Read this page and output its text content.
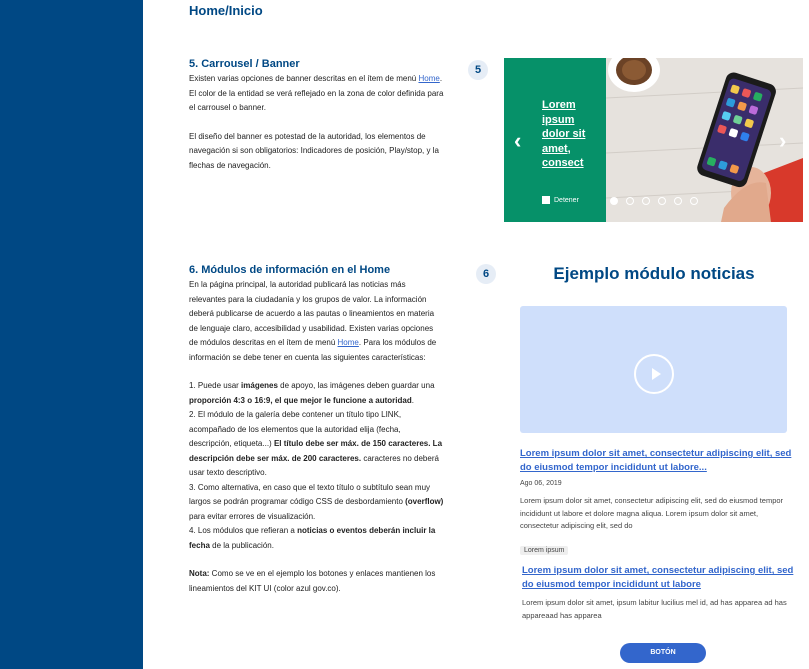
Home/Inicio
5. Carrousel / Banner

Existen varias opciones de banner descritas en el ítem de menú Home. El color de la entidad se verá reflejado en la zona de color definida para el carrousel o banner.

El diseño del banner es potestad de la autoridad, los elementos de navegación si son obligatorios: Indicadores de posición, Play/stop, y la flechas de navegación.

5
Lorem ipsum dolor sit amet, consect
‹	›
Detener
6. Módulos de información en el Home

En la página principal, la autoridad publicará las noticias más relevantes para la ciudadanía y los grupos de valor. La información deberá publicarse de acuerdo a las pautas o lineamientos en materia de lenguaje claro, accesibilidad y usabilidad. Existen varias opciones de módulos descritas en el ítem de menú Home. Para los módulos de información se debe tener en cuenta las siguientes características:

1. Puede usar imágenes de apoyo, las imágenes deben guardar una proporción 4:3 o 16:9, el que mejor le funcione a autoridad.
2. El módulo de la galería debe contener un título tipo LINK, acompañado de los elementos que la autoridad elija (fecha, descripción, etiqueta...) El título debe ser máx. de 150 caracteres. La descripción debe ser máx. de 200 caracteres. caracteres no deberá usar texto descriptivo.
3. Como alternativa, en caso que el texto título o subtítulo sean muy largos se podrán programar código CSS de desbordamiento (overflow) para evitar errores de visualización.
4. Los módulos que refieran a noticias o eventos deberán incluir la fecha de la publicación.

Nota: Como se ve en el ejemplo los botones y enlaces mantienen los lineamientos del KIT UI (color azul gov.co).

6	Ejemplo módulo noticias
Lorem ipsum dolor sit amet, consectetur adipiscing elit, sed do eiusmod tempor incididunt ut labore...
Ago 06, 2019
Lorem ipsum dolor sit amet, consectetur adipiscing elit, sed do eiusmod tempor incididunt ut labore et dolore magna aliqua. Lorem ipsum dolor sit amet, consectetur adipiscing elit, sed do
Lorem ipsum
Lorem ipsum dolor sit amet, consectetur adipiscing elit, sed do eiusmod tempor incididunt ut labore
Lorem ipsum dolor sit amet, ipsum labitur lucilius mel id, ad has apparea ad has appareaad has apparea
BOTÓN
